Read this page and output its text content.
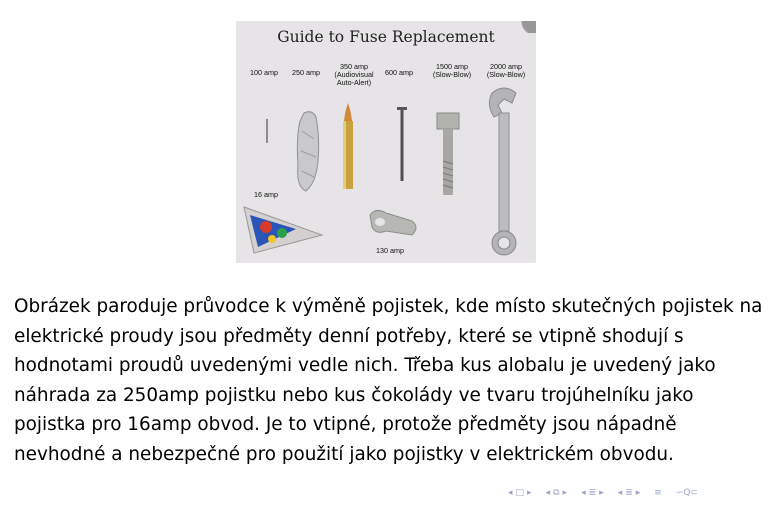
Guide to Fuse Replacement
100 amp 250 amp
350 amp
(Audiovisual
Auto-Alert)
600 amp
1500 amp
(Slow-Blow)
2000 amp
(Slow-Blow)
16 amp
130 amp

Obrázek paroduje průvodce k výměně pojistek, kde místo skutečných pojistek na elektrické proudy jsou předměty denní potřeby, které se vtipně shodují s hodnotami proudů uvedenými vedle nich. Třeba kus alobalu je uvedený jako náhrada za 250amp pojistku nebo kus čokolády ve tvaru trojúhelníku jako pojistka pro 16amp obvod. Je to vtipné, protože předměty jsou nápadně nevhodné a nebezpečné pro použití jako pojistky v elektrickém obvodu.

◂ □ ▸ ◂ ⧉ ▸ ◂ ≣ ▸ ◂ ≣ ▸ ≡ ∽Q⊂
